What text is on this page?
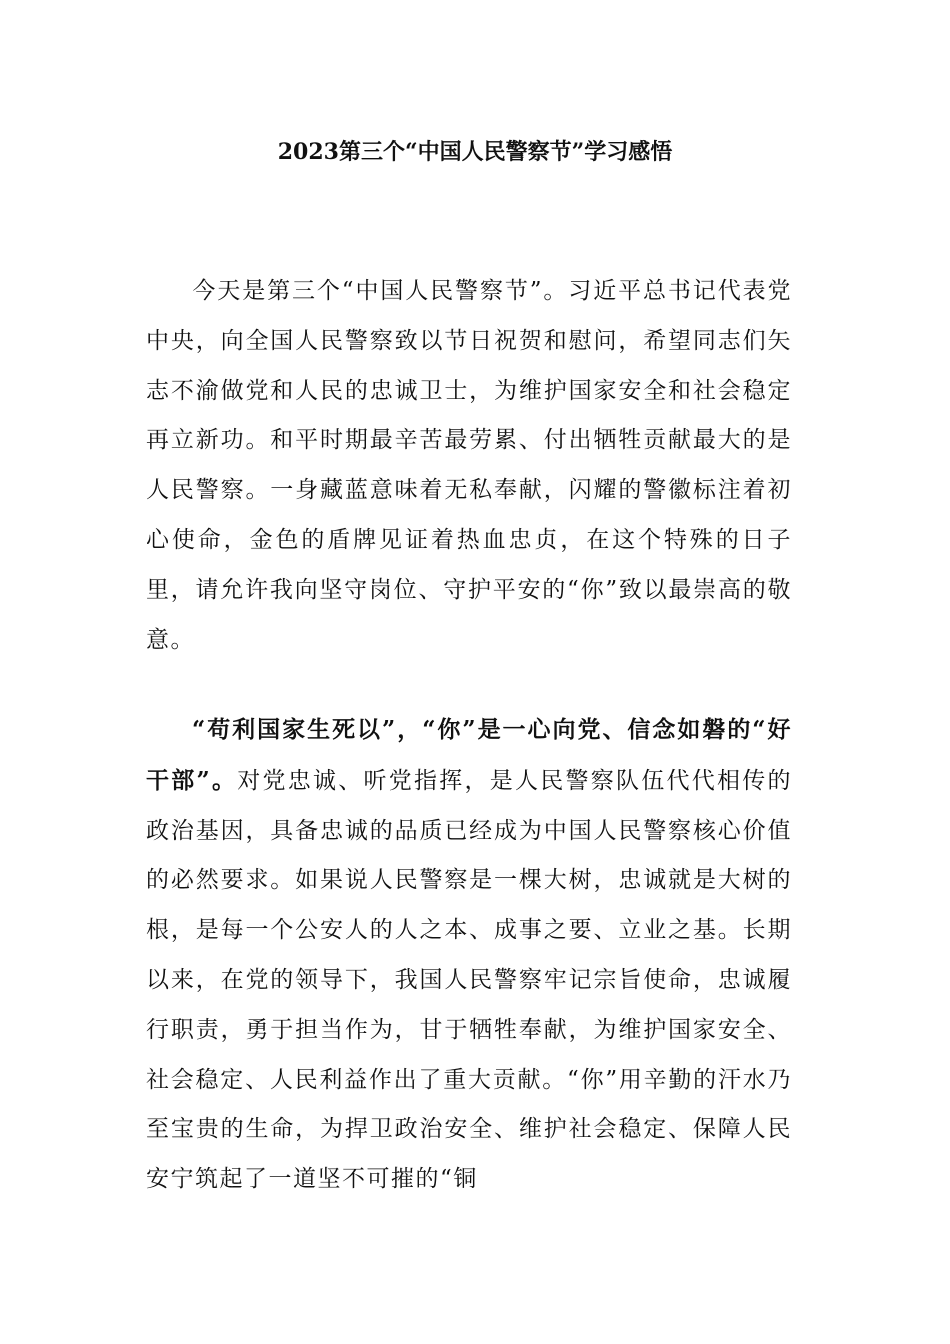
2023第三个“中国人民警察节”学习感悟

今天是第三个“中国人民警察节”。习近平总书记代表党中央，向全国人民警察致以节日祝贺和慰问，希望同志们矢志不渝做党和人民的忠诚卫士，为维护国家安全和社会稳定再立新功。和平时期最辛苦最劳累、付出牺牲贡献最大的是人民警察。一身藏蓝意味着无私奉献，闪耀的警徽标注着初心使命，金色的盾牌见证着热血忠贞，在这个特殊的日子里，请允许我向坚守岗位、守护平安的“你”致以最崇高的敬意。

“苟利国家生死以”，“你”是一心向党、信念如磐的“好干部”。对党忠诚、听党指挥，是人民警察队伍代代相传的政治基因，具备忠诚的品质已经成为中国人民警察核心价值的必然要求。如果说人民警察是一棵大树，忠诚就是大树的根，是每一个公安人的人之本、成事之要、立业之基。长期以来，在党的领导下，我国人民警察牢记宗旨使命，忠诚履行职责，勇于担当作为，甘于牺牲奉献，为维护国家安全、社会稳定、人民利益作出了重大贡献。“你”用辛勤的汗水乃至宝贵的生命，为捍卫政治安全、维护社会稳定、保障人民安宁筑起了一道坚不可摧的“铜
